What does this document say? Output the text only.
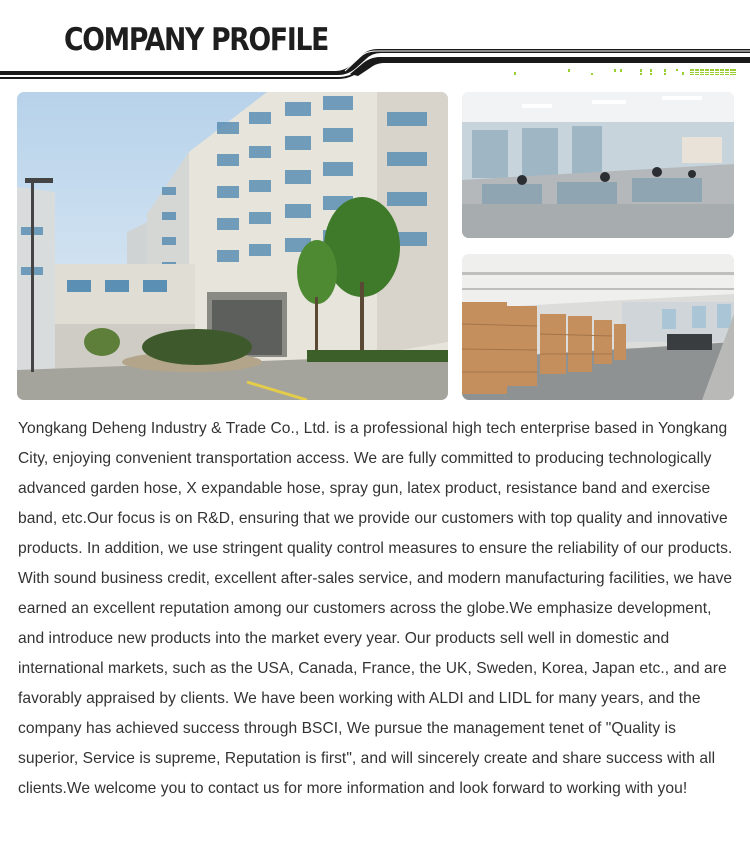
COMPANY PROFILE

Yongkang Deheng Industry & Trade Co., Ltd. is a professional high tech enterprise based in Yongkang City, enjoying convenient transportation access. We are fully committed to producing technologically advanced garden hose, X expandable hose, spray gun, latex product, resistance band and exercise band, etc.Our focus is on R&D, ensuring that we provide our customers with top quality and innovative products. In addition, we use stringent quality control measures to ensure the reliability of our products. With sound business credit, excellent after-sales service, and modern manufacturing facilities, we have earned an excellent reputation among our customers across the globe.We emphasize development, and introduce new products into the market every year. Our products sell well in domestic and international markets, such as the USA, Canada, France, the UK, Sweden, Korea, Japan etc., and are favorably appraised by clients. We have been working with ALDI and LIDL for many years, and the company has achieved success through BSCI, We pursue the management tenet of "Quality is superior, Service is supreme, Reputation is first", and will sincerely create and share success with all clients.We welcome you to contact us for more information and look forward to working with you!
